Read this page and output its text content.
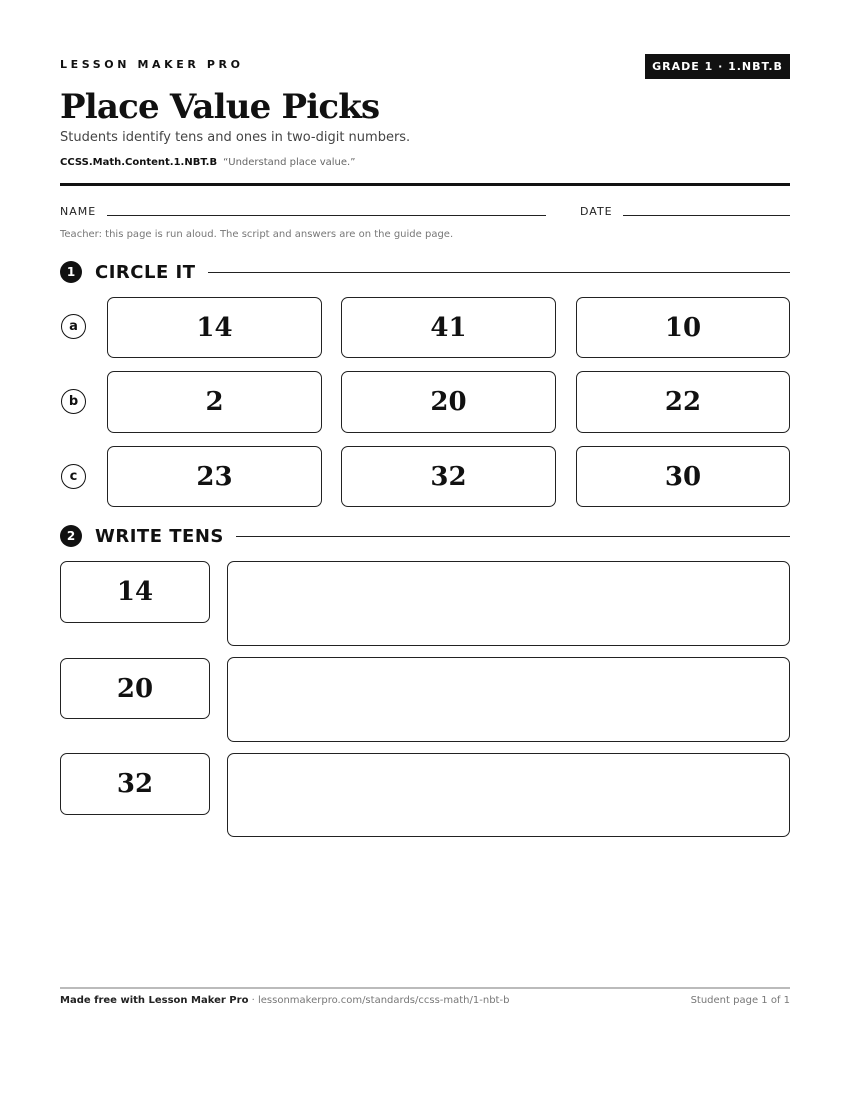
LESSON MAKER PRO	GRADE 1 · 1.NBT.B
Place Value Picks
Students identify tens and ones in two-digit numbers.
CCSS.Math.Content.1.NBT.B “Understand place value.”
NAME	DATE
Teacher: this page is run aloud. The script and answers are on the guide page.
1	CIRCLE IT
a	14	41	10
b	2	20	22
c	23	32	30
2	WRITE TENS
14
20
32
Made free with Lesson Maker Pro · lessonmakerpro.com/standards/ccss-math/1-nbt-b	Student page 1 of 1
